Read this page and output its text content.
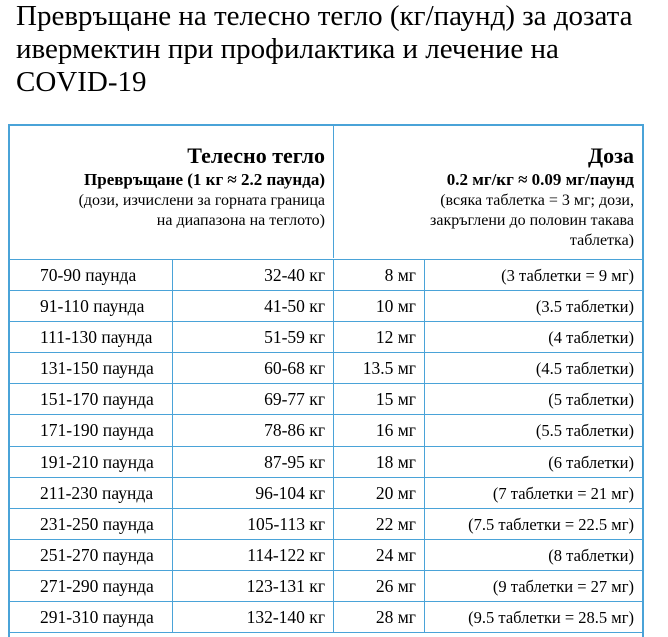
Превръщане на телесно тегло (кг/паунд) за дозата ивермектин при профилактика и лечение на COVID-19
Телесно тегло
Превръщане (1 кг ≈ 2.2 паунда)
(дози, изчислени за горната граница
на диапазона на теглото)
Доза
0.2 мг/кг ≈ 0.09 мг/паунд
(всяка таблетка = 3 мг; дози,
закръглени до половин такава
таблетка)
70-90 паунда	32-40 кг	8 мг	(3 таблетки = 9 мг)
91-110 паунда	41-50 кг	10 мг	(3.5 таблетки)
111-130 паунда	51-59 кг	12 мг	(4 таблетки)
131-150 паунда	60-68 кг	13.5 мг	(4.5 таблетки)
151-170 паунда	69-77 кг	15 мг	(5 таблетки)
171-190 паунда	78-86 кг	16 мг	(5.5 таблетки)
191-210 паунда	87-95 кг	18 мг	(6 таблетки)
211-230 паунда	96-104 кг	20 мг	(7 таблетки = 21 мг)
231-250 паунда	105-113 кг	22 мг	(7.5 таблетки = 22.5 мг)
251-270 паунда	114-122 кг	24 мг	(8 таблетки)
271-290 паунда	123-131 кг	26 мг	(9 таблетки = 27 мг)
291-310 паунда	132-140 кг	28 мг	(9.5 таблетки = 28.5 мг)
